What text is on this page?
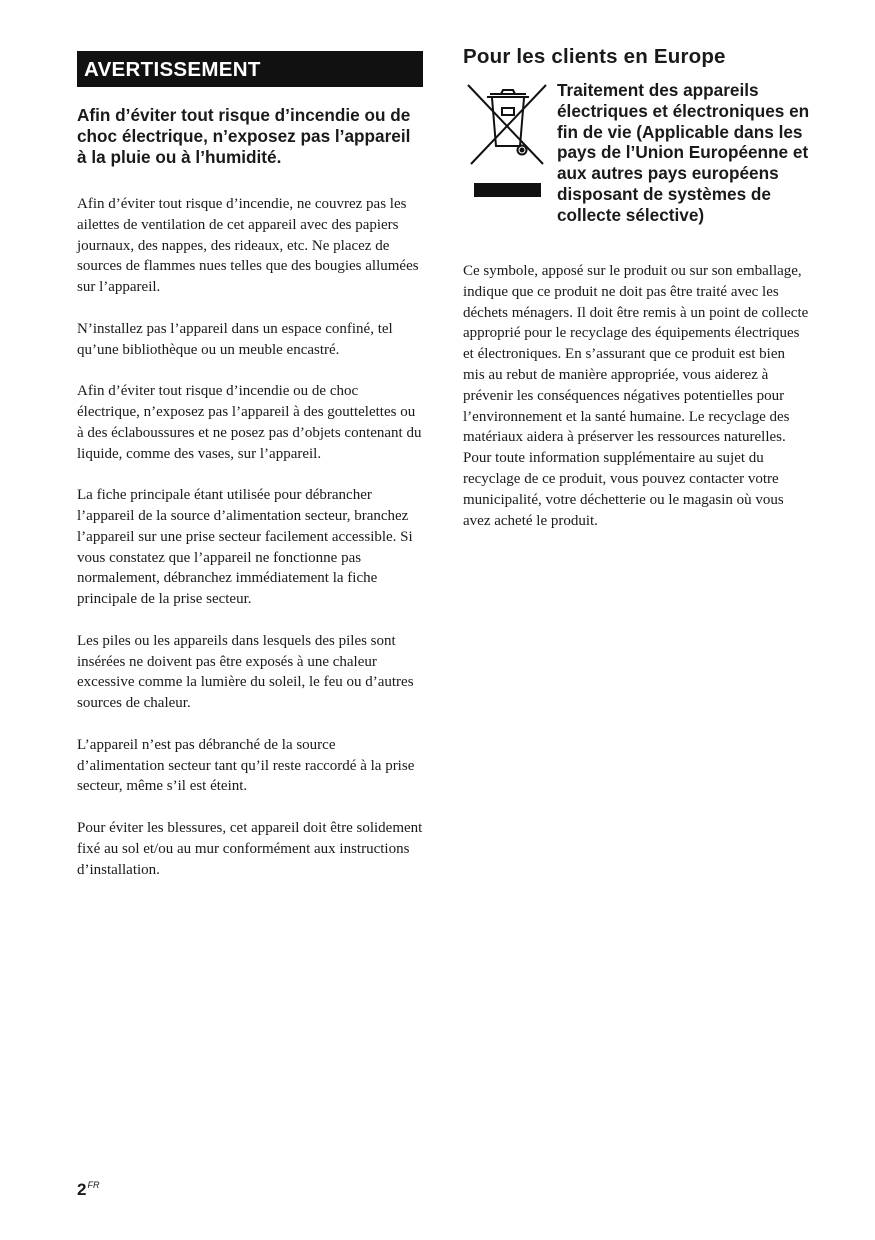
AVERTISSEMENT

Afin d’éviter tout risque d’incendie ou de choc électrique, n’exposez pas l’appareil à la pluie ou à l’humidité.

Afin d’éviter tout risque d’incendie, ne couvrez pas les ailettes de ventilation de cet appareil avec des papiers journaux, des nappes, des rideaux, etc. Ne placez de sources de flammes nues telles que des bougies allumées sur l’appareil.

N’installez pas l’appareil dans un espace confiné, tel qu’une bibliothèque ou un meuble encastré.

Afin d’éviter tout risque d’incendie ou de choc électrique, n’exposez pas l’appareil à des gouttelettes ou à des éclaboussures et ne posez pas d’objets contenant du liquide, comme des vases, sur l’appareil.

La fiche principale étant utilisée pour débrancher l’appareil de la source d’alimentation secteur, branchez l’appareil sur une prise secteur facilement accessible. Si vous constatez que l’appareil ne fonctionne pas normalement, débranchez immédiatement la fiche principale de la prise secteur.

Les piles ou les appareils dans lesquels des piles sont insérées ne doivent pas être exposés à une chaleur excessive comme la lumière du soleil, le feu ou d’autres sources de chaleur.

L’appareil n’est pas débranché de la source d’alimentation secteur tant qu’il reste raccordé à la prise secteur, même s’il est éteint.

Pour éviter les blessures, cet appareil doit être solidement fixé au sol et/ou au mur conformément aux instructions d’installation.

Pour les clients en Europe
Traitement des appareils électriques et électroniques en fin de vie (Applicable dans les pays de l’Union Européenne et aux autres pays européens disposant de systèmes de collecte sélective)

Ce symbole, apposé sur le produit ou sur son emballage, indique que ce produit ne doit pas être traité avec les déchets ménagers. Il doit être remis à un point de collecte approprié pour le recyclage des équipements électriques et électroniques. En s’assurant que ce produit est bien mis au rebut de manière appropriée, vous aiderez à prévenir les conséquences négatives potentielles pour l’environnement et la santé humaine. Le recyclage des matériaux aidera à préserver les ressources naturelles. Pour toute information supplémentaire au sujet du recyclage de ce produit, vous pouvez contacter votre municipalité, votre déchetterie ou le magasin où vous avez acheté le produit.

$2^{FR}$
